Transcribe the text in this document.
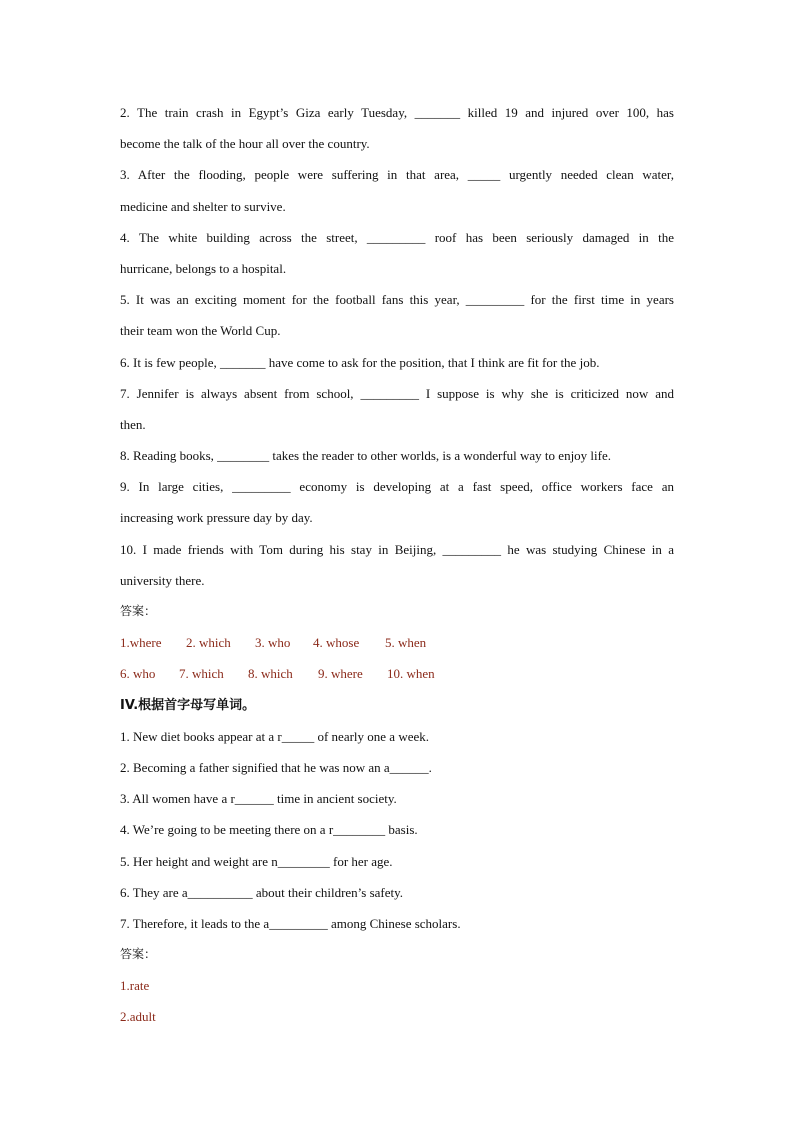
2. The train crash in Egypt’s Giza early Tuesday, _______ killed 19 and injured over 100, has
become the talk of the hour all over the country.
3. After the flooding, people were suffering in that area, _____ urgently needed clean water,
medicine and shelter to survive.
4. The white building across the street, _________ roof has been seriously damaged in the
hurricane, belongs to a hospital.
5. It was an exciting moment for the football fans this year, _________ for the first time in years
their team won the World Cup.
6. It is few people, _______ have come to ask for the position, that I think are fit for the job.
7. Jennifer is always absent from school, _________ I suppose is why she is criticized now and
then.
8. Reading books, ________ takes the reader to other worlds, is a wonderful way to enjoy life.
9. In large cities, _________ economy is developing at a fast speed, office workers face an
increasing work pressure day by day.
10. I made friends with Tom during his stay in Beijing, _________ he was studying Chinese in a
university there.
答案：
1.where 2. which 3. who 4. whose 5. when
6. who 7. which 8. which 9. where 10. when
IV.根据首字母写单词。
1. New diet books appear at a r_____ of nearly one a week.
2. Becoming a father signified that he was now an a______.
3. All women have a r______ time in ancient society.
4. We’re going to be meeting there on a r________ basis.
5. Her height and weight are n________ for her age.
6. They are a__________ about their children’s safety.
7. Therefore, it leads to the a_________ among Chinese scholars.
答案：
1.rate
2.adult
